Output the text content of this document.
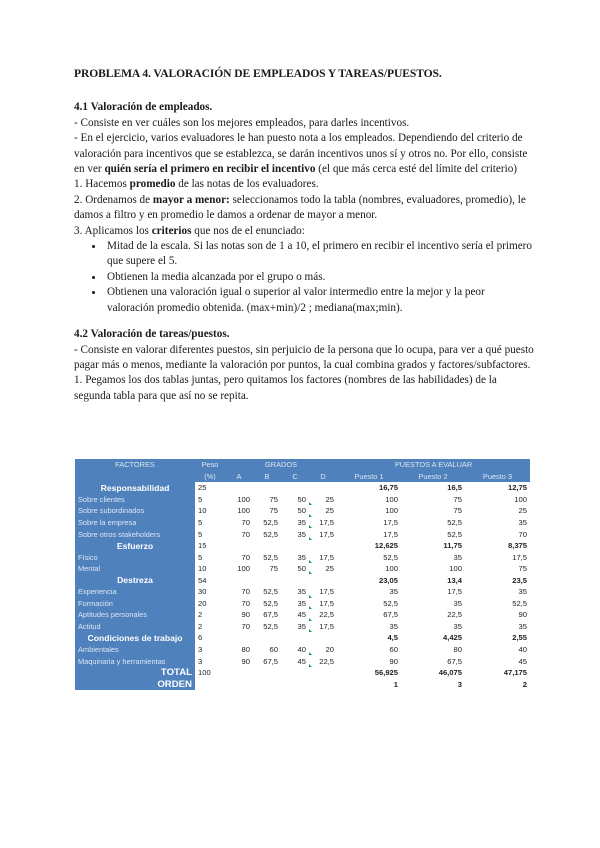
PROBLEMA 4. VALORACIÓN DE EMPLEADOS Y TAREAS/PUESTOS.

4.1 Valoración de empleados.

- Consiste en ver cuáles son los mejores empleados, para darles incentivos.

- En el ejercicio, varios evaluadores le han puesto nota a los empleados. Dependiendo del criterio de valoración para incentivos que se establezca, se darán incentivos unos sí y otros no. Por ello, consiste en ver quién sería el primero en recibir el incentivo (el que más cerca esté del límite del criterio)

1. Hacemos promedio de las notas de los evaluadores.

2. Ordenamos de mayor a menor: seleccionamos todo la tabla (nombres, evaluadores, promedio), le damos a filtro y en promedio le damos a ordenar de mayor a menor.

3. Aplicamos los criterios que nos de el enunciado:

• Mitad de la escala. Si las notas son de 1 a 10, el primero en recibir el incentivo sería el primero que supere el 5.
• Obtienen la media alcanzada por el grupo o más.
• Obtienen una valoración igual o superior al valor intermedio entre la mejor y la peor valoración promedio obtenida. (max+min)/2 ; mediana(max;min).

4.2 Valoración de tareas/puestos.

- Consiste en valorar diferentes puestos, sin perjuicio de la persona que lo ocupa, para ver a qué puesto pagar más o menos, mediante la valoración por puntos, la cual combina grados y factores/subfactores.

1. Pegamos los dos tablas juntas, pero quitamos los factores (nombres de las habilidades) de la segunda tabla para que así no se repita.

FACTORES	Peso	GRADOS				PUESTOS A EVALUAR		
	(%)	A	B	C	D	Puesto 1	Puesto 2	Puesto 3
Responsabilidad	25					16,75	16,5	12,75
Sobre clientes	5	100	75	50	25	100	75	100
Sobre subordinados	10	100	75	50	25	100	75	25
Sobre la empresa	5	70	52,5	35	17,5	17,5	52,5	35
Sobre otros stakeholders	5	70	52,5	35	17,5	17,5	52,5	70
Esfuerzo	15					12,625	11,75	8,375
Físico	5	70	52,5	35	17,5	52,5	35	17,5
Mental	10	100	75	50	25	100	100	75
Destreza	54					23,05	13,4	23,5
Experiencia	30	70	52,5	35	17,5	35	17,5	35
Formación	20	70	52,5	35	17,5	52,5	35	52,5
Aptitudes personales	2	90	67,5	45	22,5	67,5	22,5	90
Actitud	2	70	52,5	35	17,5	35	35	35
Condiciones de trabajo	6					4,5	4,425	2,55
Ambientales	3	80	60	40	20	60	80	40
Maquinaria y herramientas	3	90	67,5	45	22,5	90	67,5	45
TOTAL	100					56,925	46,075	47,175
ORDEN						1	3	2
